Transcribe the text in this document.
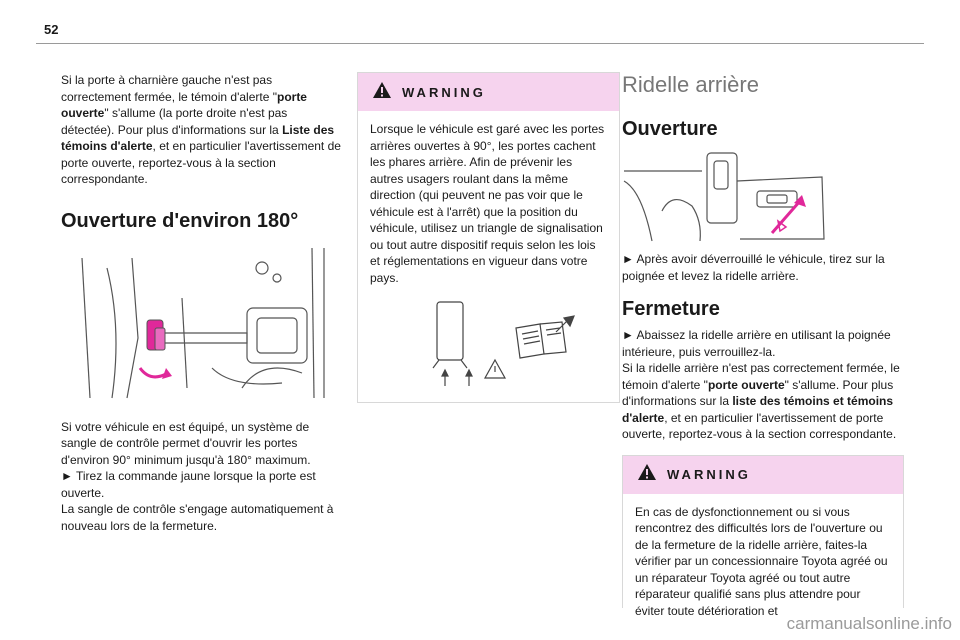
52

Si la porte à charnière gauche n'est pas correctement fermée, le témoin d'alerte "porte ouverte" s'allume (la porte droite n'est pas détectée). Pour plus d'informations sur la Liste des témoins d'alerte, et en particulier l'avertissement de porte ouverte, reportez-vous à la section correspondante.

Ouverture d'environ 180°

Si votre véhicule en est équipé, un système de sangle de contrôle permet d'ouvrir les portes d'environ 90° minimum jusqu'à 180° maximum.

► Tirez la commande jaune lorsque la porte est ouverte.

La sangle de contrôle s'engage automatiquement à nouveau lors de la fermeture.

WARNING

Lorsque le véhicule est garé avec les portes arrières ouvertes à 90°, les portes cachent les phares arrière. Afin de prévenir les autres usagers roulant dans la même direction (qui peuvent ne pas voir que le véhicule est à l'arrêt) que la position du véhicule, utilisez un triangle de signalisation ou tout autre dispositif requis selon les lois et réglementations en vigueur dans votre pays.

Ridelle arrière
Ouverture

► Après avoir déverrouillé le véhicule, tirez sur la poignée et levez la ridelle arrière.

Fermeture

► Abaissez la ridelle arrière en utilisant la poignée intérieure, puis verrouillez-la.

Si la ridelle arrière n'est pas correctement fermée, le témoin d'alerte "porte ouverte" s'allume. Pour plus d'informations sur la liste des témoins et témoins d'alerte, et en particulier l'avertissement de porte ouverte, reportez-vous à la section correspondante.

WARNING

En cas de dysfonctionnement ou si vous rencontrez des difficultés lors de l'ouverture ou de la fermeture de la ridelle arrière, faites-la vérifier par un concessionnaire Toyota agréé ou un réparateur Toyota agréé ou tout autre réparateur qualifié sans plus attendre pour éviter toute détérioration et

carmanualsonline.info
